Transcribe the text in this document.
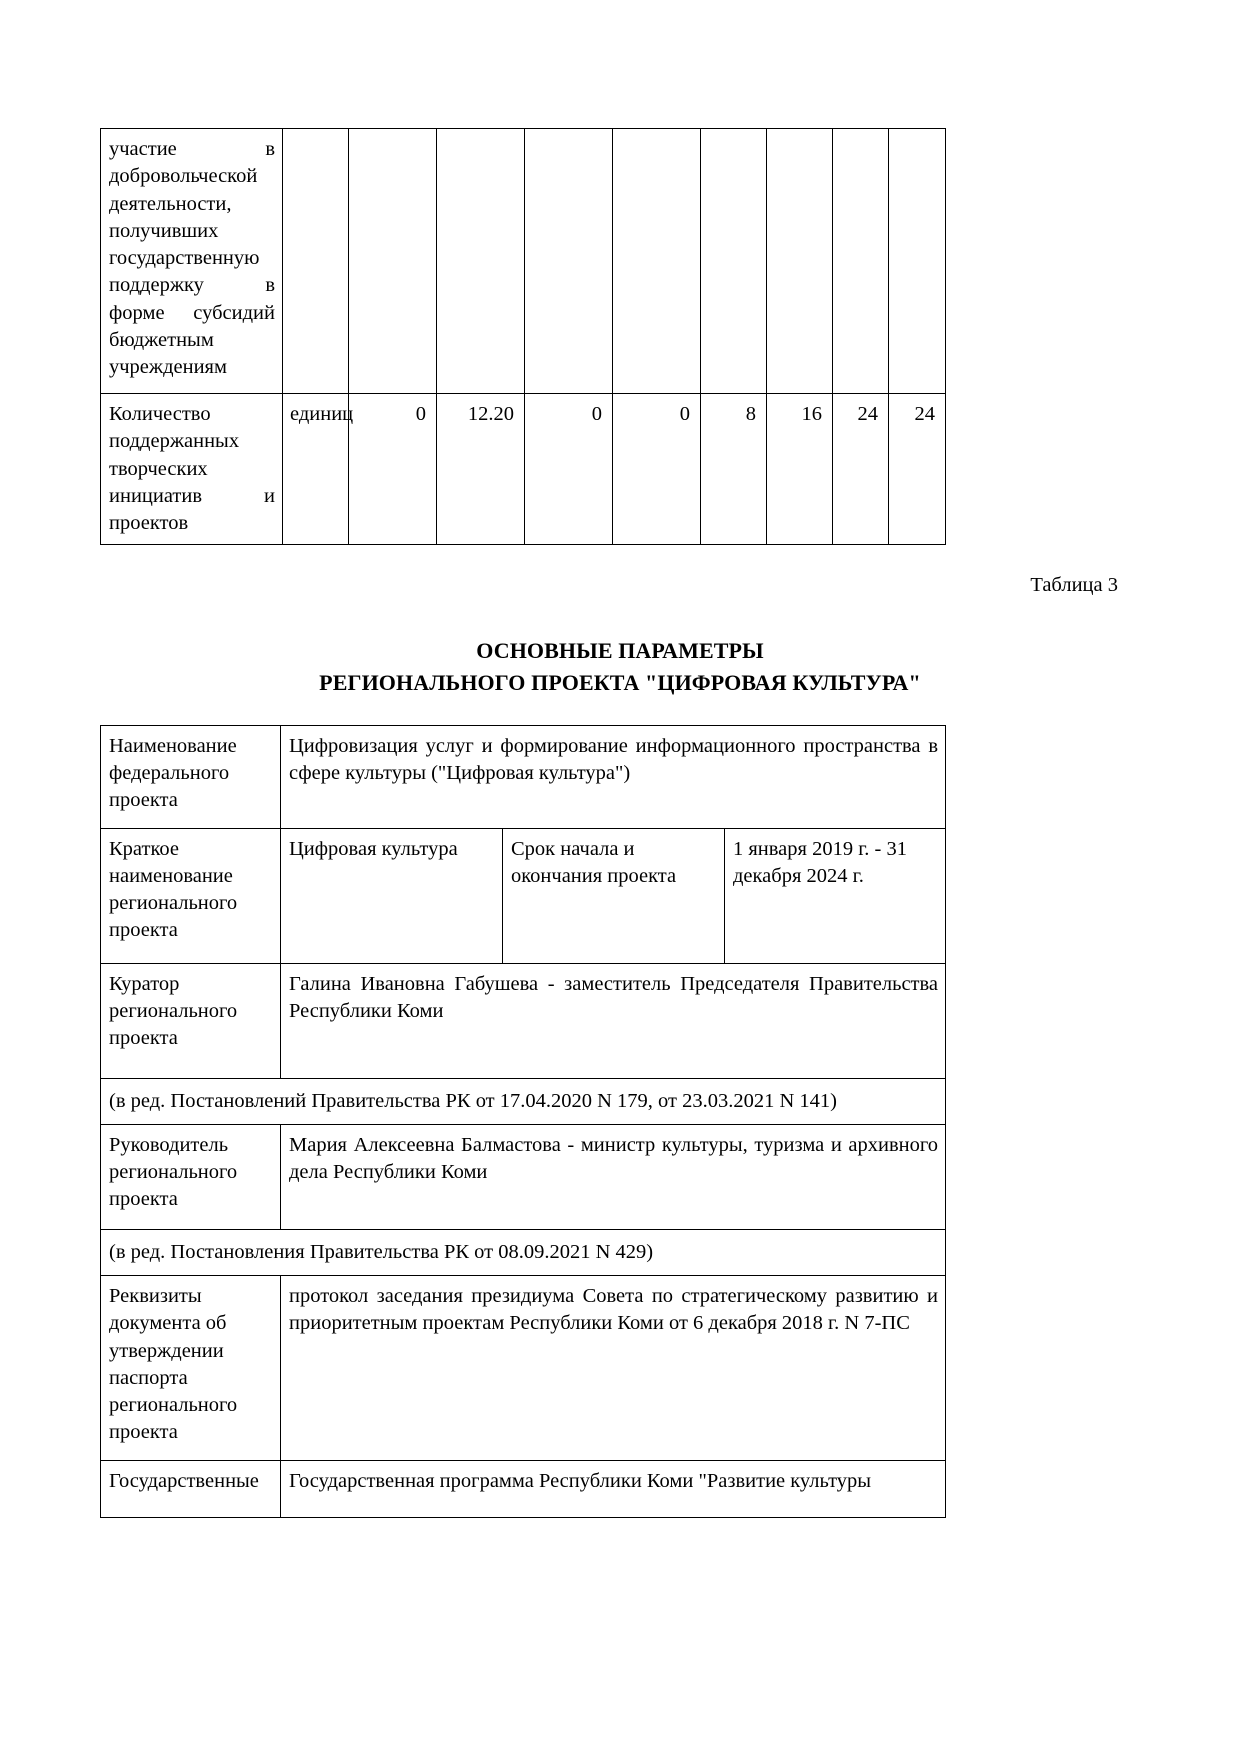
участие в добровольческой деятельности, получивших государственную поддержку в форме субсидий бюджетным учреждениям									
Количество поддержанных творческих инициатив и проектов	единиц	0	12.20	0	0	8	16	24	24
Таблица 3
ОСНОВНЫЕ ПАРАМЕТРЫ
РЕГИОНАЛЬНОГО ПРОЕКТА "ЦИФРОВАЯ КУЛЬТУРА"
Наименование федерального проекта	Цифровизация услуг и формирование информационного пространства в сфере культуры ("Цифровая культура")		
Краткое наименование регионального проекта	Цифровая культура	Срок начала и окончания проекта	1 января 2019 г. - 31 декабря 2024 г.
Куратор регионального проекта	Галина Ивановна Габушева - заместитель Председателя Правительства Республики Коми		
(в ред. Постановлений Правительства РК от 17.04.2020 N 179, от 23.03.2021 N 141)			
Руководитель регионального проекта	Мария Алексеевна Балмастова - министр культуры, туризма и архивного дела Республики Коми		
(в ред. Постановления Правительства РК от 08.09.2021 N 429)			
Реквизиты документа об утверждении паспорта регионального проекта	протокол заседания президиума Совета по стратегическому развитию и приоритетным проектам Республики Коми от 6 декабря 2018 г. N 7-ПС		
Государственные	Государственная программа Республики Коми "Развитие культуры		
